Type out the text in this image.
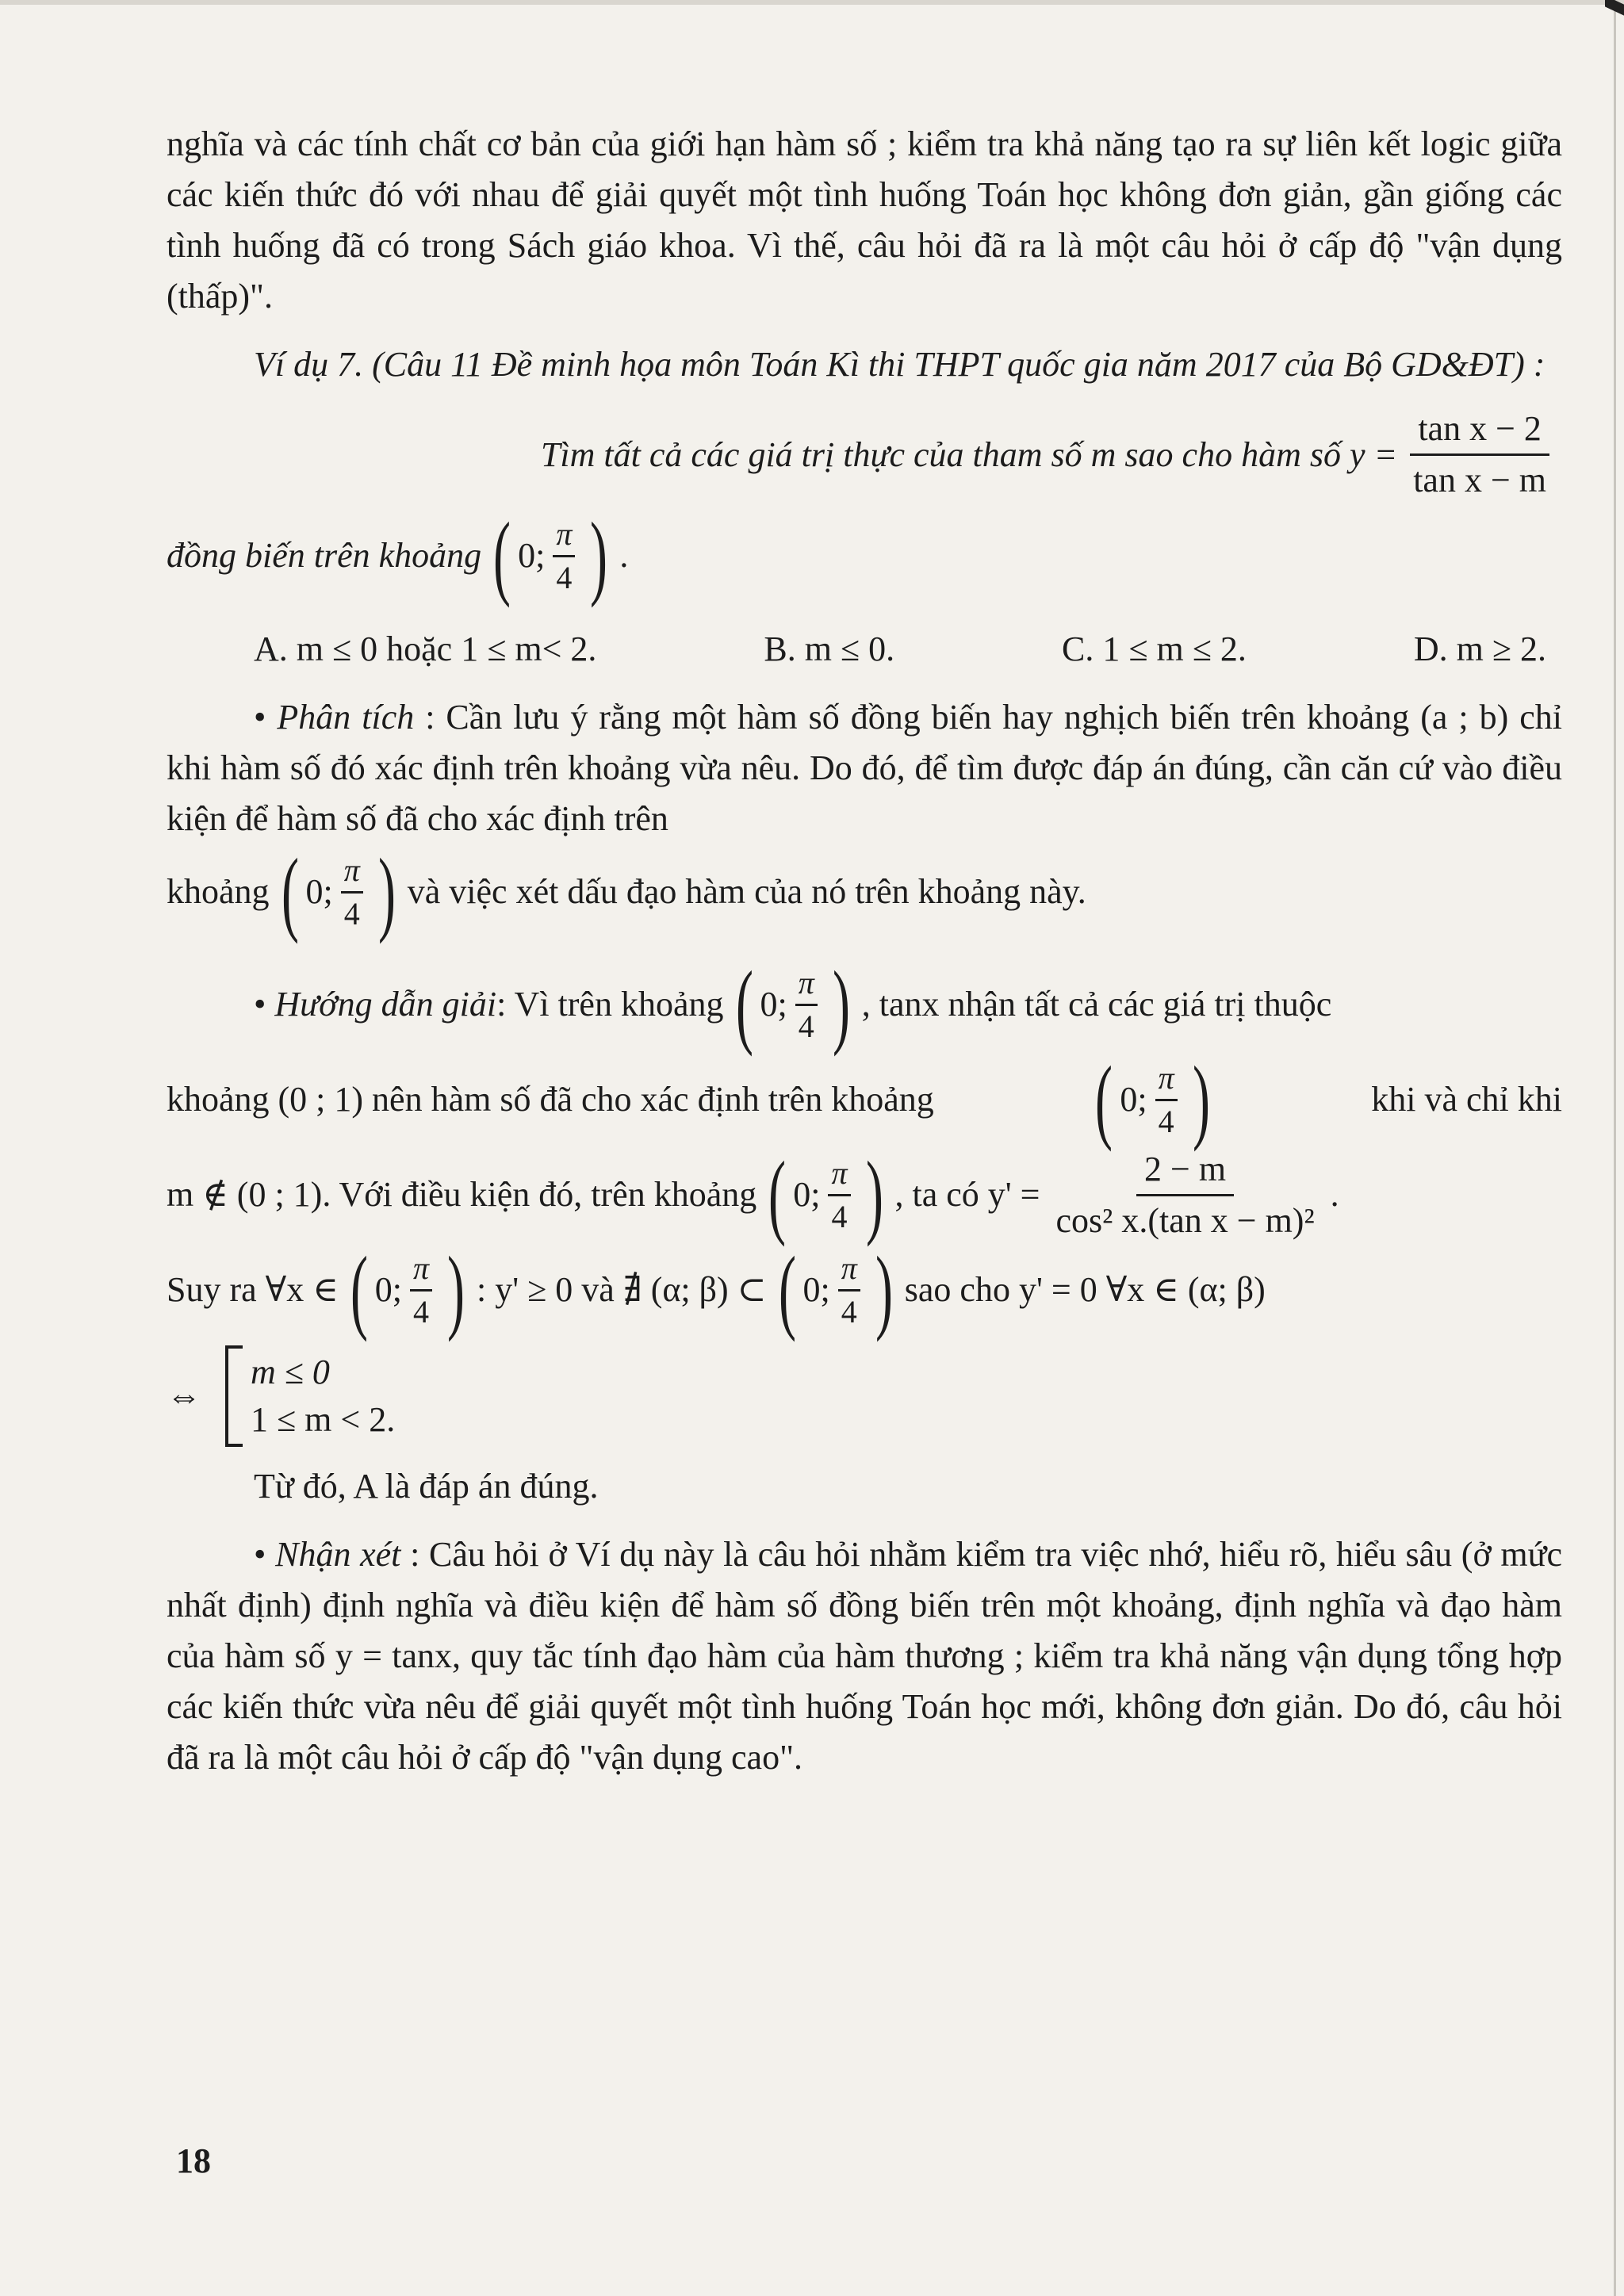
nghĩa và các tính chất cơ bản của giới hạn hàm số ; kiểm tra khả năng tạo ra sự liên kết logic giữa các kiến thức đó với nhau để giải quyết một tình huống Toán học không đơn giản, gần giống các tình huống đã có trong Sách giáo khoa. Vì thế, câu hỏi đã ra là một câu hỏi ở cấp độ "vận dụng (thấp)".

Ví dụ 7. (Câu 11 Đề minh họa môn Toán Kì thi THPT quốc gia năm 2017 của Bộ GD&ĐT) :

Tìm tất cả các giá trị thực của tham số m sao cho hàm số $y = \frac{\text{tan x − 2}}{\text{tan x − m}}$
đồng biến trên khoảng ( 0; $\frac{\pi}{4}$ ) .
A. m ≤ 0 hoặc 1 ≤ m< 2.	B. m ≤ 0.	C. 1 ≤ m ≤ 2.	D. m ≥ 2.

• Phân tích : Cần lưu ý rằng một hàm số đồng biến hay nghịch biến trên khoảng (a ; b) chỉ khi hàm số đó xác định trên khoảng vừa nêu. Do đó, để tìm được đáp án đúng, cần căn cứ vào điều kiện để hàm số đã cho xác định trên

khoảng ( 0; $\frac{\pi}{4}$ ) và việc xét dấu đạo hàm của nó trên khoảng này.
•
Hướng dẫn giải : Vì trên khoảng ( 0; $\frac{\pi}{4}$ ) , tanx nhận tất cả các giá trị thuộc
khoảng (0 ; 1) nên hàm số đã cho xác định trên khoảng ( 0; $\frac{\pi}{4}$ )	khi và chỉ khi
m ∉ (0 ; 1). Với điều kiện đó, trên khoảng ( 0; $\frac{\pi}{4}$ ) , ta có $y' = \frac{2 - m}{\text{cos² x.(tan x − m)²}}$ .
Suy ra ∀x ∈ ( 0; $\frac{\pi}{4}$ ) : y' ≥ 0 và ∄ (α; β) ⊂ ( 0; $\frac{\pi}{4}$ ) sao cho y' = 0 ∀x ∈ (α; β)
⇔
m ≤ 0
1 ≤ m < 2.

Từ đó, A là đáp án đúng.

• Nhận xét : Câu hỏi ở Ví dụ này là câu hỏi nhằm kiểm tra việc nhớ, hiểu rõ, hiểu sâu (ở mức nhất định) định nghĩa và điều kiện để hàm số đồng biến trên một khoảng, định nghĩa và đạo hàm của hàm số y = tanx, quy tắc tính đạo hàm của hàm thương ; kiểm tra khả năng vận dụng tổng hợp các kiến thức vừa nêu để giải quyết một tình huống Toán học mới, không đơn giản. Do đó, câu hỏi đã ra là một câu hỏi ở cấp độ "vận dụng cao".

18
